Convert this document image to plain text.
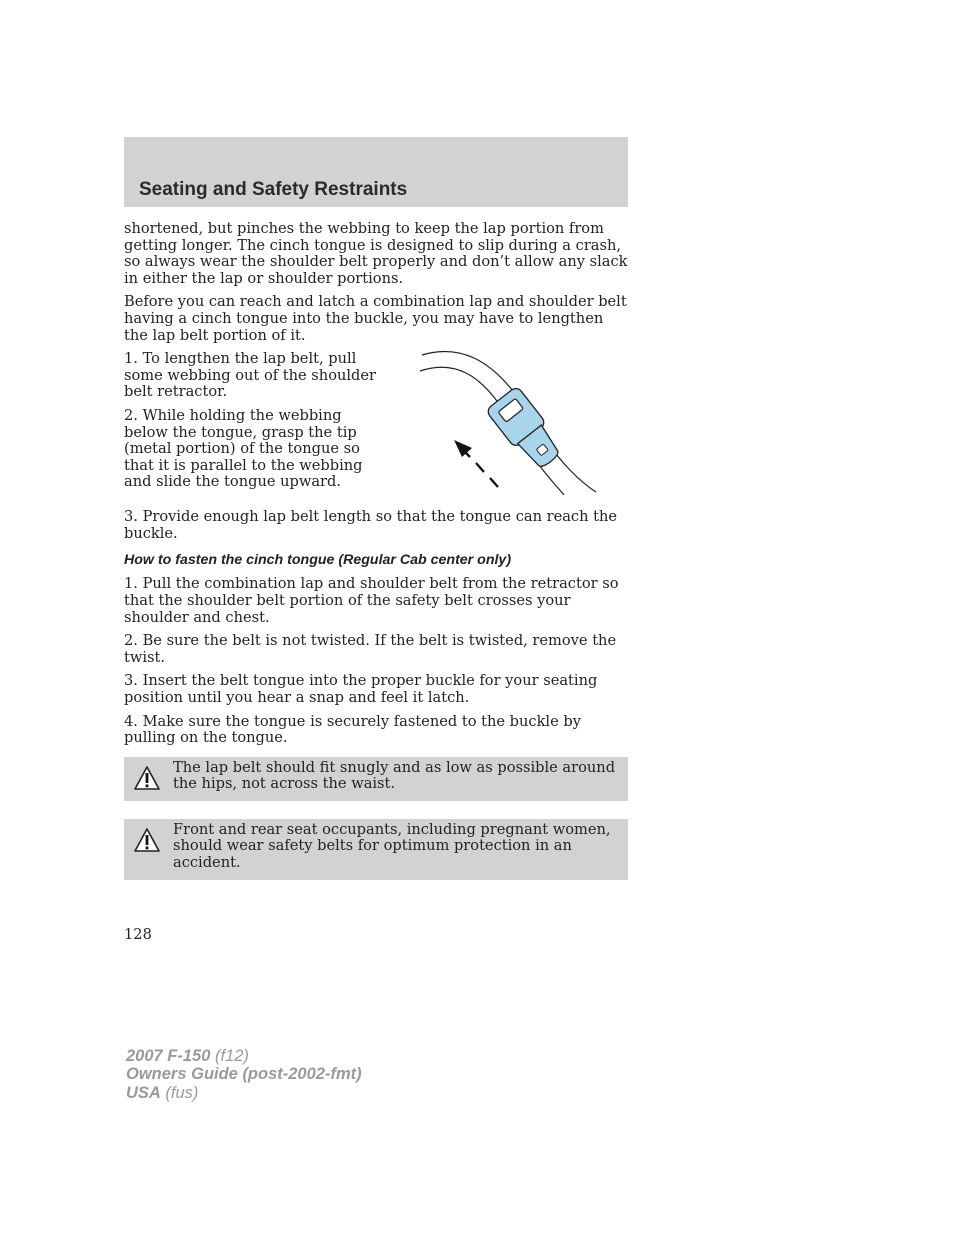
Seating and Safety Restraints

shortened, but pinches the webbing to keep the lap portion from getting longer. The cinch tongue is designed to slip during a crash, so always wear the shoulder belt properly and don’t allow any slack in either the lap or shoulder portions.

Before you can reach and latch a combination lap and shoulder belt having a cinch tongue into the buckle, you may have to lengthen the lap belt portion of it.

1. To lengthen the lap belt, pull some webbing out of the shoulder belt retractor.

2. While holding the webbing below the tongue, grasp the tip (metal portion) of the tongue so that it is parallel to the webbing and slide the tongue upward.

3. Provide enough lap belt length so that the tongue can reach the buckle.

How to fasten the cinch tongue (Regular Cab center only)

1. Pull the combination lap and shoulder belt from the retractor so that the shoulder belt portion of the safety belt crosses your shoulder and chest.

2. Be sure the belt is not twisted. If the belt is twisted, remove the twist.

3. Insert the belt tongue into the proper buckle for your seating position until you hear a snap and feel it latch.

4. Make sure the tongue is securely fastened to the buckle by pulling on the tongue.

The lap belt should fit snugly and as low as possible around the hips, not across the waist.

Front and rear seat occupants, including pregnant women, should wear safety belts for optimum protection in an accident.

128
2007 F-150 (f12)
Owners Guide (post-2002-fmt)
USA (fus)
